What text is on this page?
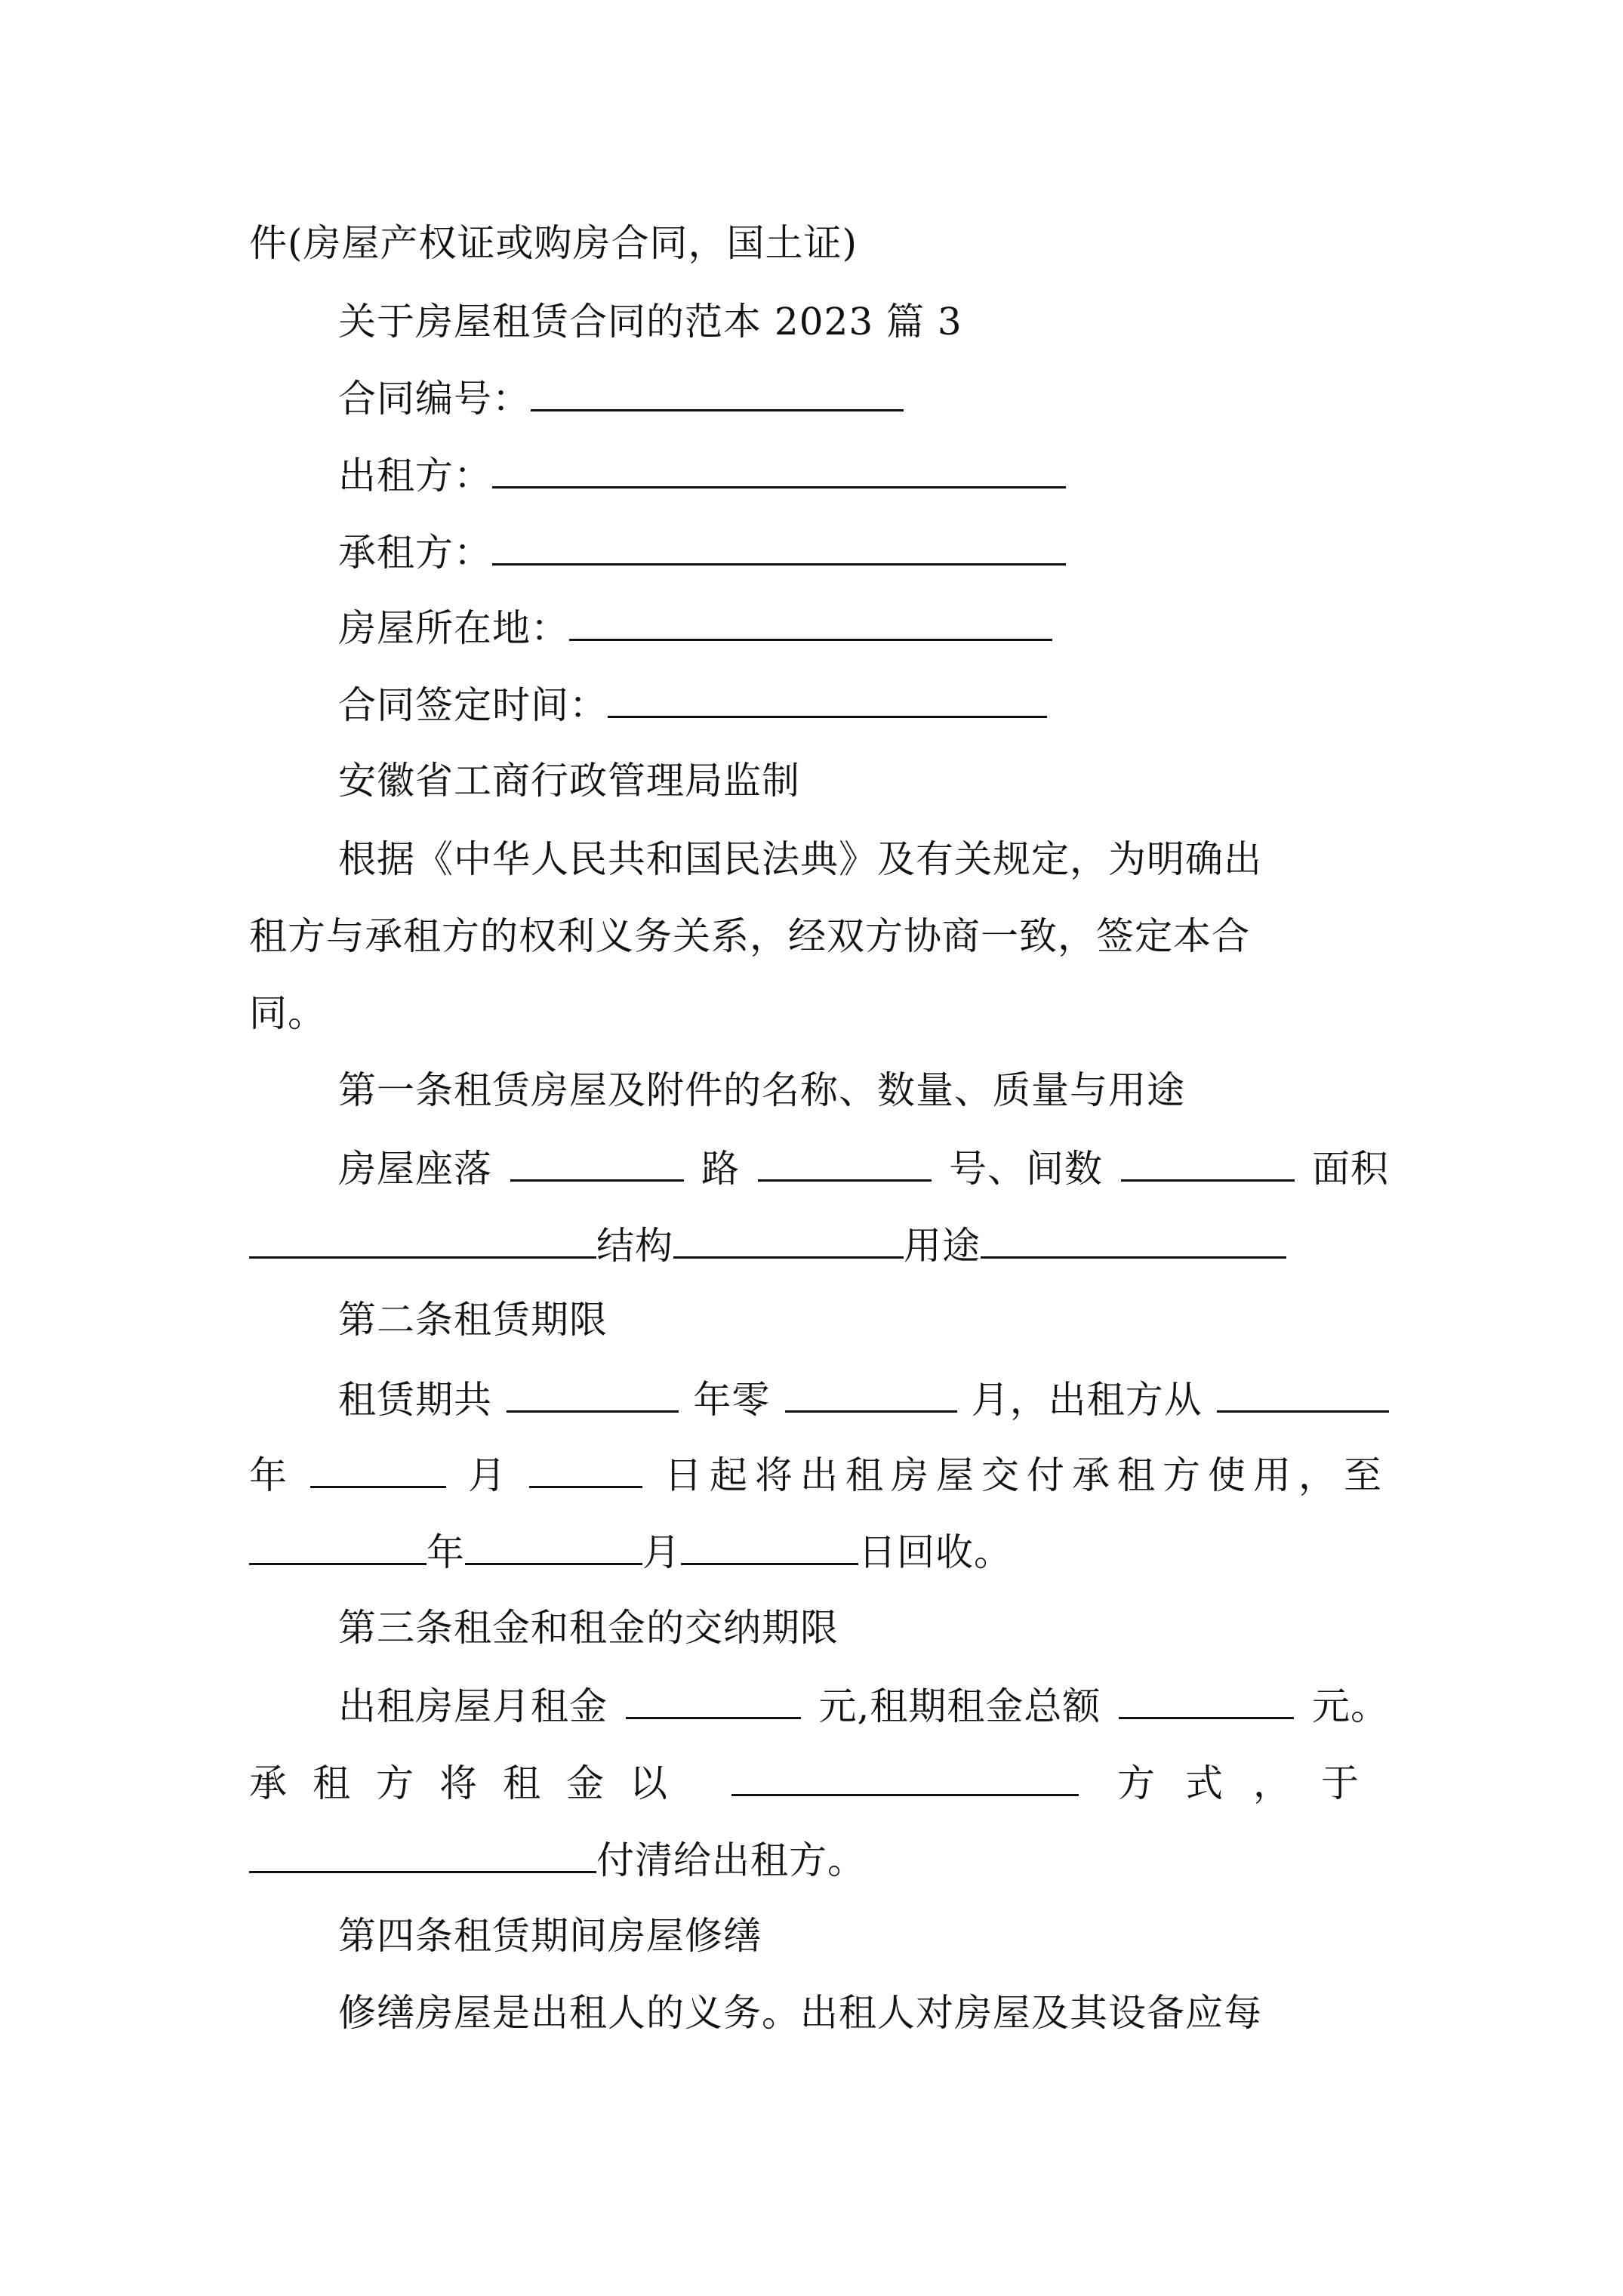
件(房屋产权证或购房合同，国土证)
关于房屋租赁合同的范本 2023 篇 3
合同编号：
出租方：
承租方：
房屋所在地：
合同签定时间：
安徽省工商行政管理局监制
根据《中华人民共和国民法典》及有关规定，为明确出
租方与承租方的权利义务关系，经双方协商一致，签定本合
同。
第一条租赁房屋及附件的名称、数量、质量与用途
房屋座落	路	号、间数	面积
结构	用途
第二条租赁期限
租赁期共	年零	月，出租方从
年	月	日起将出租房屋交付承租方使用，至
年	月	日回收。
第三条租金和租金的交纳期限
出租房屋月租金	元,租期租金总额	元。
承租方将租金以	方式，于
付清给出租方。
第四条租赁期间房屋修缮
修缮房屋是出租人的义务。出租人对房屋及其设备应每
